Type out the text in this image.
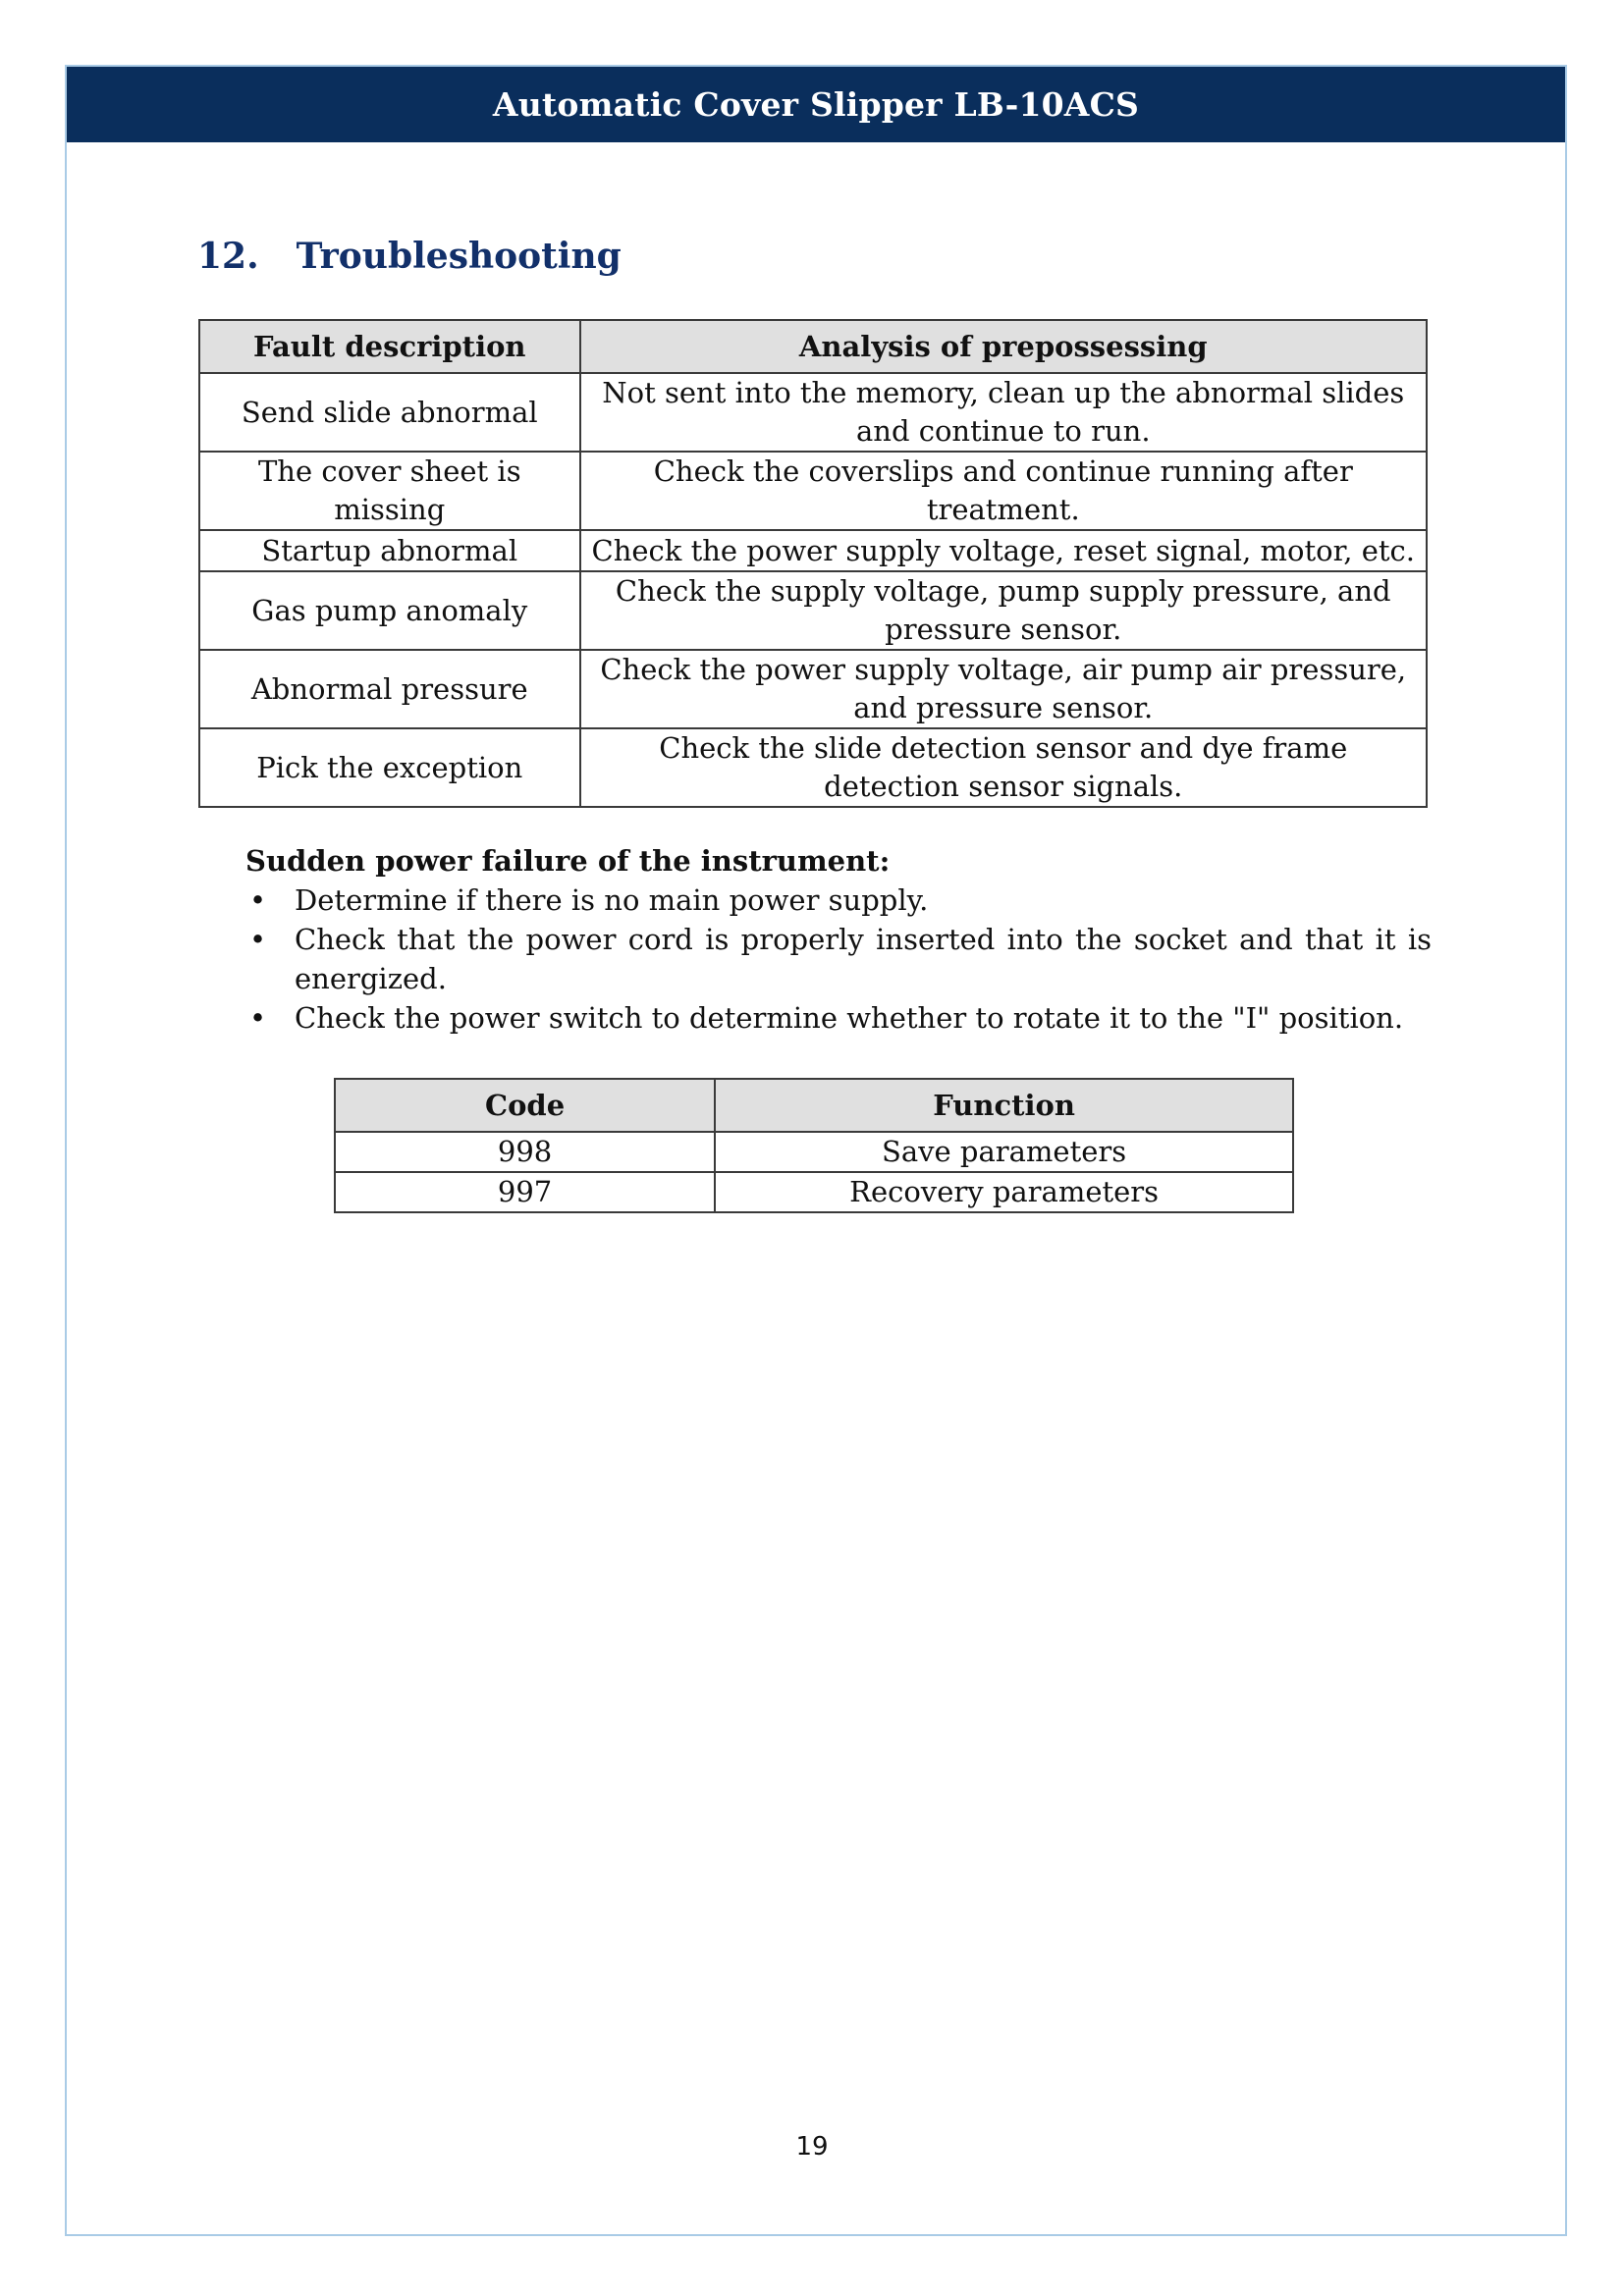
Automatic Cover Slipper LB-10ACS
12. Troubleshooting
Fault description	Analysis of prepossessing
Send slide abnormal	Not sent into the memory, clean up the abnormal slides and continue to run.
The cover sheet is missing	Check the coverslips and continue running after treatment.
Startup abnormal	Check the power supply voltage, reset signal, motor, etc.
Gas pump anomaly	Check the supply voltage, pump supply pressure, and pressure sensor.
Abnormal pressure	Check the power supply voltage, air pump air pressure, and pressure sensor.
Pick the exception	Check the slide detection sensor and dye frame detection sensor signals.
Sudden power failure of the instrument:
• Determine if there is no main power supply.
• Check that the power cord is properly inserted into the socket and that it is energized.
• Check the power switch to determine whether to rotate it to the "I" position.
Code	Function
998	Save parameters
997	Recovery parameters
19
